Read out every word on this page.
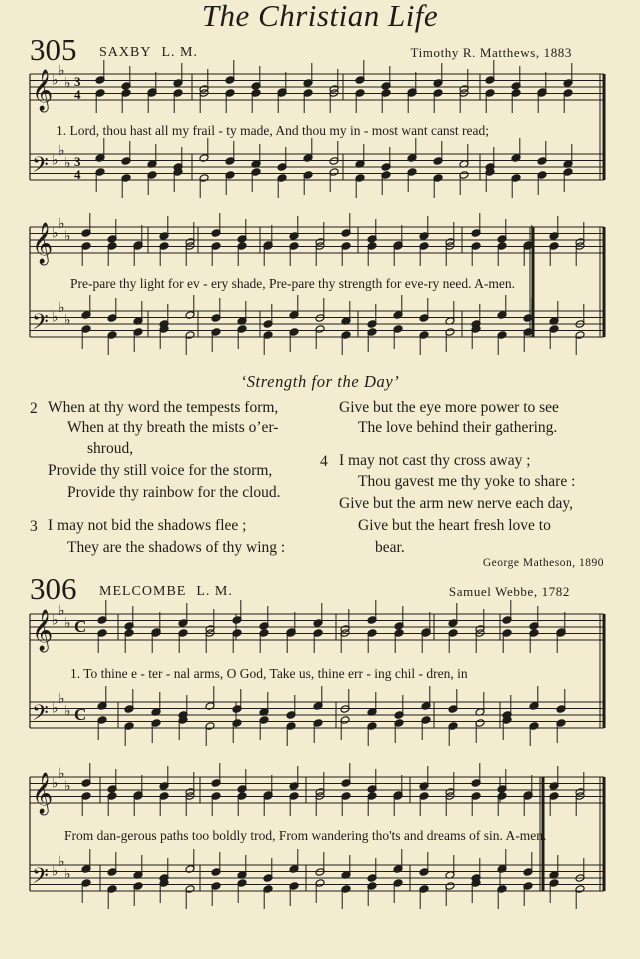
The Christian Life
305 SAXBY L. M.	Timothy R. Matthews, 1883
𝄞
𝄢
♭
♭
♭
♭
♭
♭
3
3
4
4
1. Lord, thou hast all my frail - ty made, And thou my in - most want canst read;
𝄞
𝄢
♭
♭
♭
♭
♭
♭
Pre-pare thy light for ev - ery shade, Pre-pare thy strength for eve-ry need. A-men.
‘Strength for the Day’
2 When at thy word the tempests form,
When at thy breath the mists o’er-
shroud,
Provide thy still voice for the storm,
Provide thy rainbow for the cloud.
3 I may not bid the shadows flee ;
They are the shadows of thy wing :
Give but the eye more power to see
The love behind their gathering.
4 I may not cast thy cross away ;
Thou gavest me thy yoke to share :
Give but the arm new nerve each day,
Give but the heart fresh love to
bear.
George Matheson, 1890
306 MELCOMBE L. M.	Samuel Webbe, 1782
𝄞
𝄢
♭
♭
♭
♭
♭
♭
C
C
1. To thine e - ter - nal arms, O God, Take us, thine err - ing chil - dren, in
𝄞
𝄢
♭
♭
♭
♭
♭
♭
From dan-gerous paths too boldly trod, From wandering tho'ts and dreams of sin. A-men.
